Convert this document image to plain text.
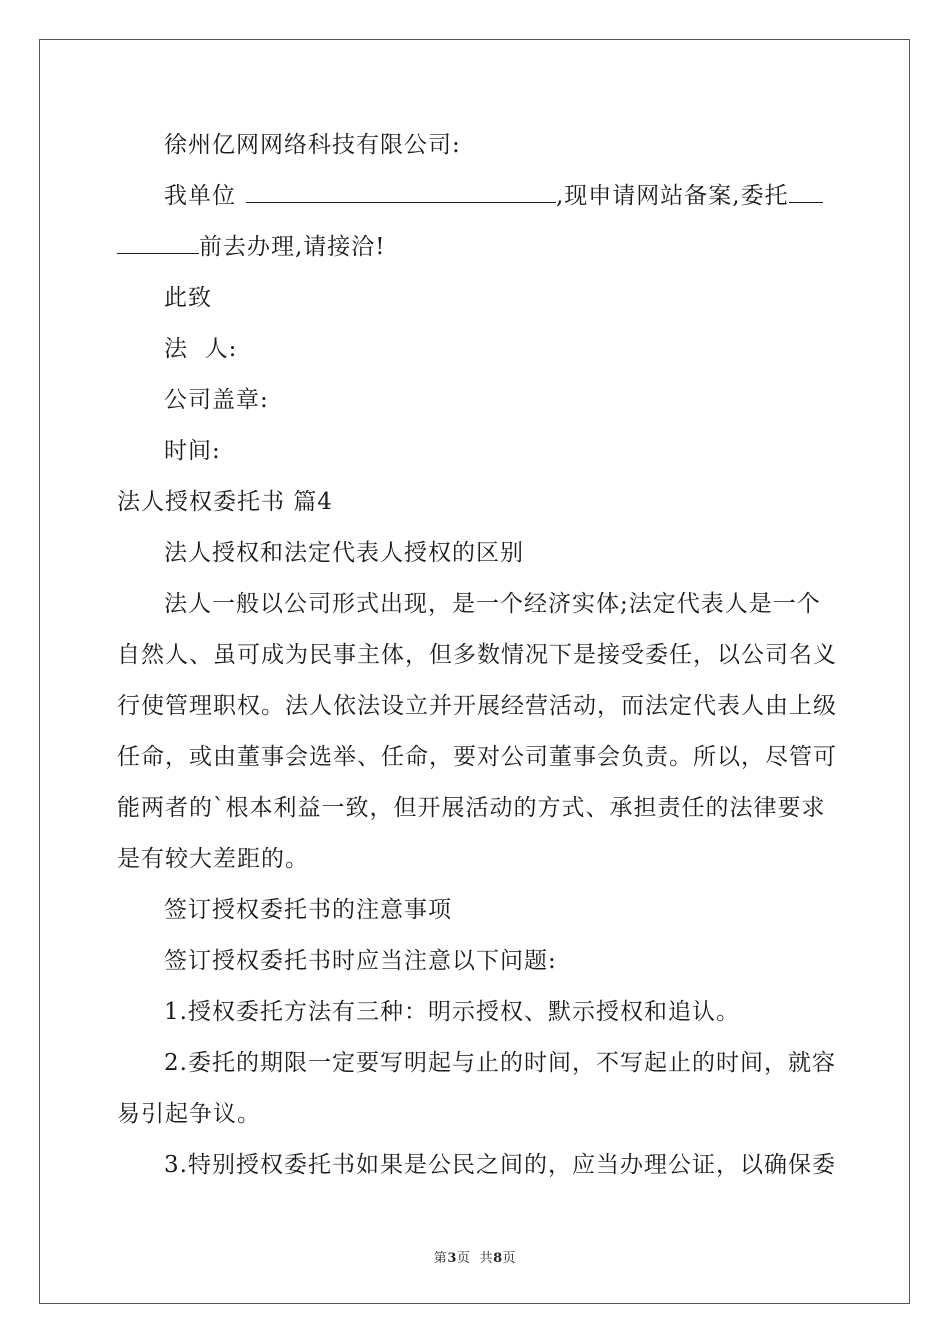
徐州亿网网络科技有限公司:
我单位	,现申请网站备案,委托
前去办理,请接洽!
此致
法  人:
公司盖章:
时间:
法人授权委托书 篇4
法人授权和法定代表人授权的区别
法人一般以公司形式出现，是一个经济实体;法定代表人是一个
自然人、虽可成为民事主体，但多数情况下是接受委任，以公司名义
行使管理职权。法人依法设立并开展经营活动，而法定代表人由上级
任命，或由董事会选举、任命，要对公司董事会负责。所以，尽管可
能两者的`根本利益一致，但开展活动的方式、承担责任的法律要求
是有较大差距的。
签订授权委托书的注意事项
签订授权委托书时应当注意以下问题:
1.授权委托方法有三种：明示授权、默示授权和追认。
2.委托的期限一定要写明起与止的时间，不写起止的时间，就容
易引起争议。
3.特别授权委托书如果是公民之间的，应当办理公证，以确保委
第3页  共8页
